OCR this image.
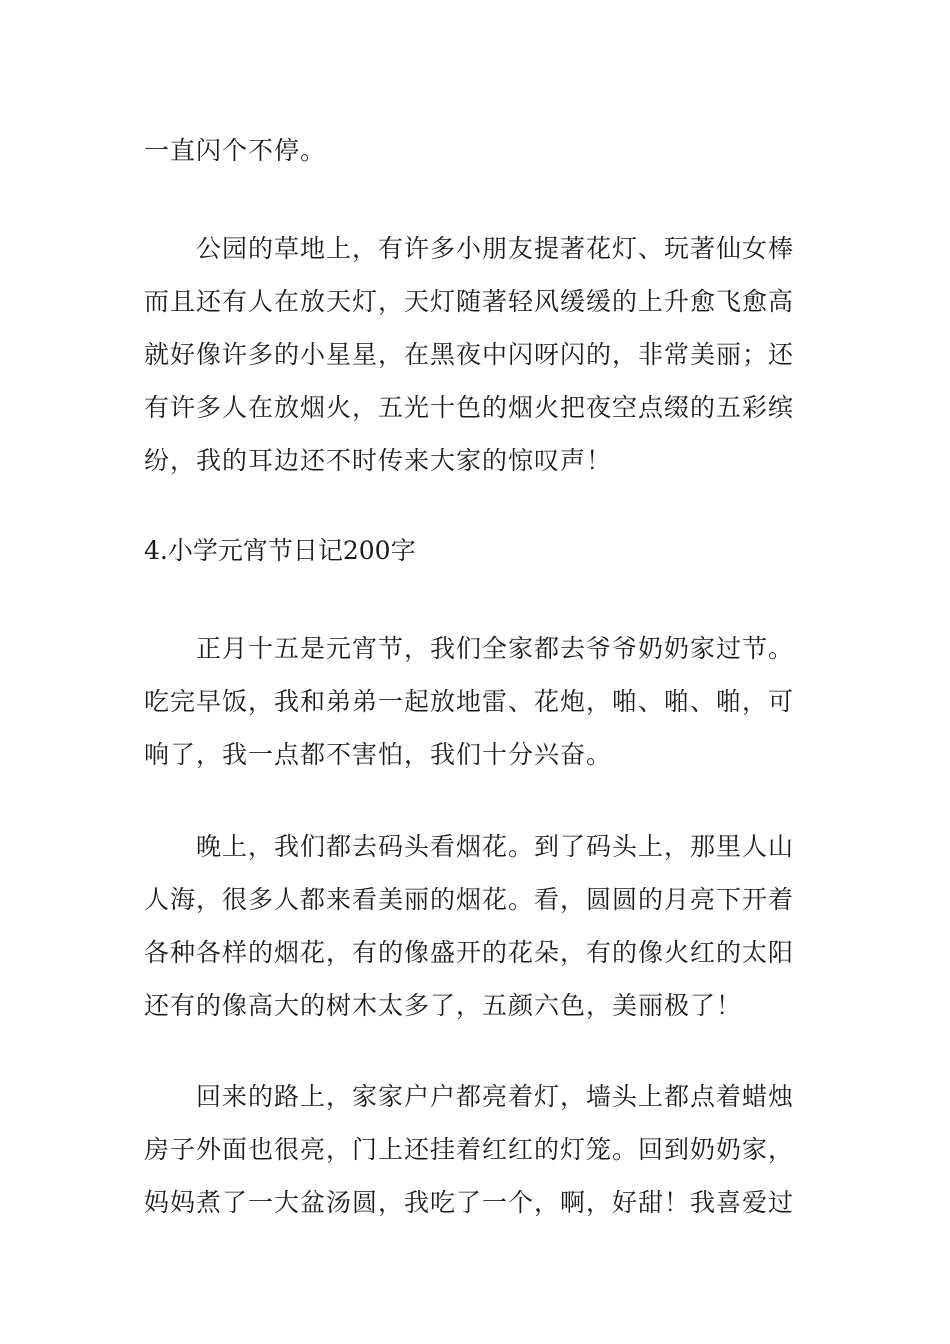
一直闪个不停。
　　公园的草地上，有许多小朋友提著花灯、玩著仙女棒
而且还有人在放天灯，天灯随著轻风缓缓的上升愈飞愈高
就好像许多的小星星，在黑夜中闪呀闪的，非常美丽；还
有许多人在放烟火，五光十色的烟火把夜空点缀的五彩缤
纷，我的耳边还不时传来大家的惊叹声！
4.小学元宵节日记200字
　　正月十五是元宵节，我们全家都去爷爷奶奶家过节。
吃完早饭，我和弟弟一起放地雷、花炮，啪、啪、啪，可
响了，我一点都不害怕，我们十分兴奋。
　　晚上，我们都去码头看烟花。到了码头上，那里人山
人海，很多人都来看美丽的烟花。看，圆圆的月亮下开着
各种各样的烟花，有的像盛开的花朵，有的像火红的太阳
还有的像高大的树木太多了，五颜六色，美丽极了！
　　回来的路上，家家户户都亮着灯，墙头上都点着蜡烛
房子外面也很亮，门上还挂着红红的灯笼。回到奶奶家，
妈妈煮了一大盆汤圆，我吃了一个，啊，好甜！我喜爱过
